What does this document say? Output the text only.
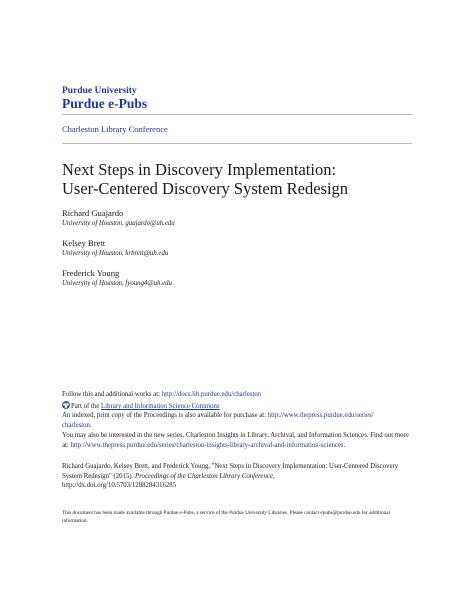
Purdue University
Purdue e-Pubs
Charleston Library Conference
Next Steps in Discovery Implementation:
User-Centered Discovery System Redesign
Richard Guajardo
University of Houston, guajardo@uh.edu
Kelsey Brett
University of Houston, krbrett@uh.edu
Frederick Young
University of Houston, fyoung4@uh.edu
Follow this and additional works at: http://docs.lib.purdue.edu/charleston
Part of the Library and Information Science Commons
An indexed, print copy of the Proceedings is also available for purchase at: http://www.thepress.purdue.edu/series/
charleston.
You may also be interested in the new series, Charleston Insights in Library, Archival, and Information Sciences. Find out more at: http://www.thepress.purdue.edu/series/charleston-insights-library-archival-and-information-sciences.
Richard Guajardo, Kelsey Brett, and Frederick Young, "Next Steps in Discovery Implementation: User-Centered Discovery System Redesign" (2015). Proceedings of the Charleston Library Conference.
http://dx.doi.org/10.5703/1288284316285
This document has been made available through Purdue e-Pubs, a service of the Purdue University Libraries. Please contact epubs@purdue.edu for additional information.
